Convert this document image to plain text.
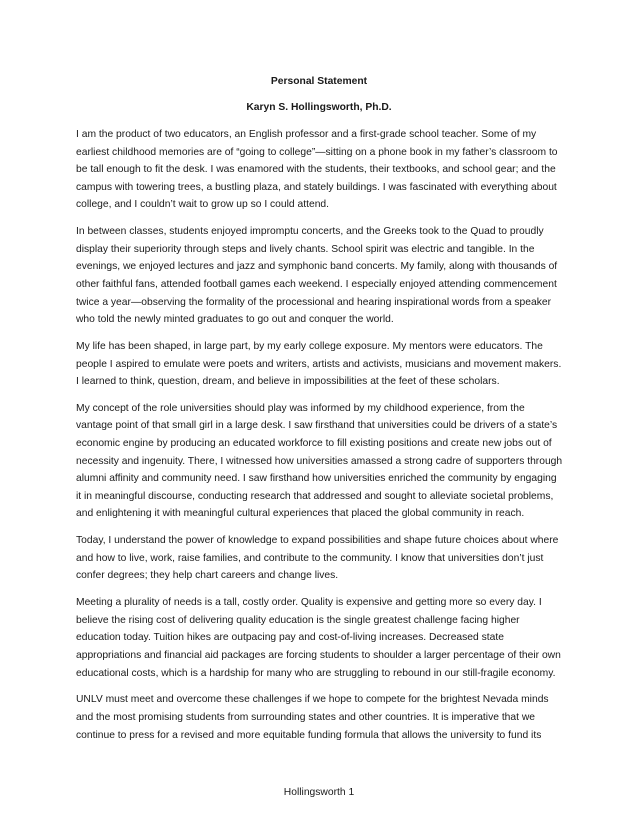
Personal Statement
Karyn S. Hollingsworth, Ph.D.

I am the product of two educators, an English professor and a first-grade school teacher. Some of my earliest childhood memories are of “going to college”—sitting on a phone book in my father’s classroom to be tall enough to fit the desk. I was enamored with the students, their textbooks, and school gear; and the campus with towering trees, a bustling plaza, and stately buildings. I was fascinated with everything about college, and I couldn’t wait to grow up so I could attend.

In between classes, students enjoyed impromptu concerts, and the Greeks took to the Quad to proudly display their superiority through steps and lively chants. School spirit was electric and tangible. In the evenings, we enjoyed lectures and jazz and symphonic band concerts. My family, along with thousands of other faithful fans, attended football games each weekend. I especially enjoyed attending commencement twice a year—observing the formality of the processional and hearing inspirational words from a speaker who told the newly minted graduates to go out and conquer the world.

My life has been shaped, in large part, by my early college exposure. My mentors were educators. The people I aspired to emulate were poets and writers, artists and activists, musicians and movement makers. I learned to think, question, dream, and believe in impossibilities at the feet of these scholars.

My concept of the role universities should play was informed by my childhood experience, from the vantage point of that small girl in a large desk. I saw firsthand that universities could be drivers of a state’s economic engine by producing an educated workforce to fill existing positions and create new jobs out of necessity and ingenuity. There, I witnessed how universities amassed a strong cadre of supporters through alumni affinity and community need. I saw firsthand how universities enriched the community by engaging it in meaningful discourse, conducting research that addressed and sought to alleviate societal problems, and enlightening it with meaningful cultural experiences that placed the global community in reach.

Today, I understand the power of knowledge to expand possibilities and shape future choices about where and how to live, work, raise families, and contribute to the community. I know that universities don’t just confer degrees; they help chart careers and change lives.

Meeting a plurality of needs is a tall, costly order. Quality is expensive and getting more so every day. I believe the rising cost of delivering quality education is the single greatest challenge facing higher education today. Tuition hikes are outpacing pay and cost-of-living increases. Decreased state appropriations and financial aid packages are forcing students to shoulder a larger percentage of their own educational costs, which is a hardship for many who are struggling to rebound in our still-fragile economy.

UNLV must meet and overcome these challenges if we hope to compete for the brightest Nevada minds and the most promising students from surrounding states and other countries. It is imperative that we continue to press for a revised and more equitable funding formula that allows the university to fund its

Hollingsworth 1
